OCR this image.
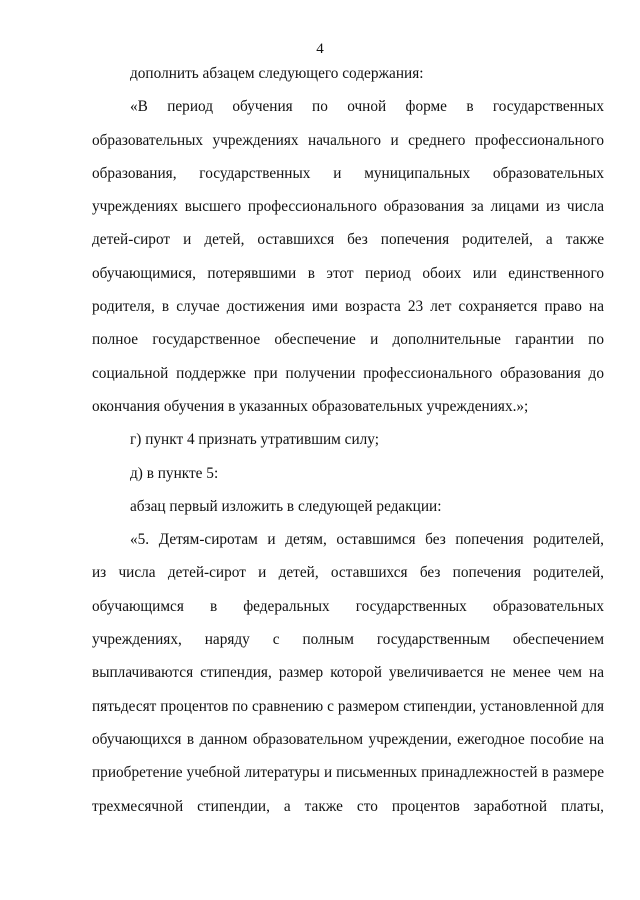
4
дополнить абзацем следующего содержания:
«В период обучения по очной форме в государственных
образовательных учреждениях начального и среднего профессионального
образования, государственных и муниципальных образовательных
учреждениях высшего профессионального образования за лицами из числа
детей-сирот и детей, оставшихся без попечения родителей, а также
обучающимися, потерявшими в этот период обоих или единственного
родителя, в случае достижения ими возраста 23 лет сохраняется право на
полное государственное обеспечение и дополнительные гарантии по
социальной поддержке при получении профессионального образования до
окончания обучения в указанных образовательных учреждениях.»;
г) пункт 4 признать утратившим силу;
д) в пункте 5:
абзац первый изложить в следующей редакции:
«5. Детям-сиротам и детям, оставшимся без попечения родителей,
из числа детей-сирот и детей, оставшихся без попечения родителей,
обучающимся в федеральных государственных образовательных
учреждениях, наряду с полным государственным обеспечением
выплачиваются стипендия, размер которой увеличивается не менее чем на
пятьдесят процентов по сравнению с размером стипендии, установленной для
обучающихся в данном образовательном учреждении, ежегодное пособие на
приобретение учебной литературы и письменных принадлежностей в размере
трехмесячной стипендии, а также сто процентов заработной платы,
